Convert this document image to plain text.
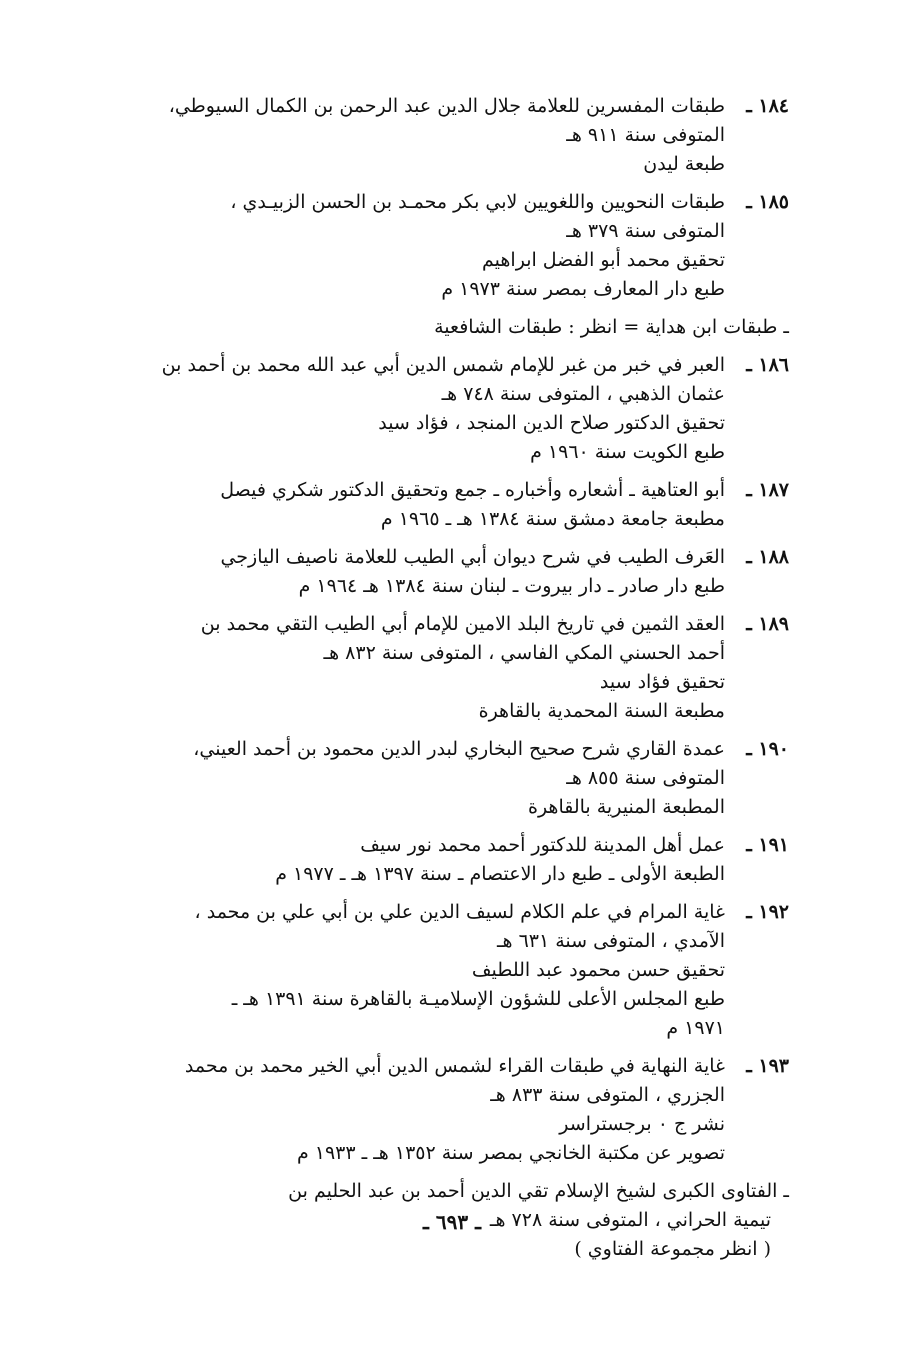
١٨٤ ـ
طبقات المفسرين للعلامة جلال الدين عبد الرحمن بن الكمال السيوطي،
المتوفى سنة ٩١١ هـ
طبعة ليدن
١٨٥ ـ
طبقات النحويين واللغويين لابي بكر محمـد بن الحسن الزبيـدي ،
المتوفى سنة ٣٧٩ هـ
تحقيق محمد أبو الفضل ابراهيم
طبع دار المعارف بمصر سنة ١٩٧٣ م
ـ طبقات ابن هداية = انظر : طبقات الشافعية
١٨٦ ـ
العبر في خبر من غبر للإمام شمس الدين أبي عبد الله محمد بن أحمد بن
عثمان الذهبي ، المتوفى سنة ٧٤٨ هـ
تحقيق الدكتور صلاح الدين المنجد ، فؤاد سيد
طبع الكويت سنة ١٩٦٠ م
١٨٧ ـ
أبو العتاهية ـ أشعاره وأخباره ـ جمع وتحقيق الدكتور شكري فيصل
مطبعة جامعة دمشق سنة ١٣٨٤ هـ ـ ١٩٦٥ م
١٨٨ ـ
العَرف الطيب في شرح ديوان أبي الطيب للعلامة ناصيف اليازجي
طبع دار صادر ـ دار بيروت ـ لبنان سنة ١٣٨٤ هـ ١٩٦٤ م
١٨٩ ـ
العقد الثمين في تاريخ البلد الامين للإمام أبي الطيب التقي محمد بن
أحمد الحسني المكي الفاسي ، المتوفى سنة ٨٣٢ هـ
تحقيق فؤاد سيد
مطبعة السنة المحمدية بالقاهرة
١٩٠ ـ
عمدة القاري شرح صحيح البخاري لبدر الدين محمود بن أحمد العيني،
المتوفى سنة ٨٥٥ هـ
المطبعة المنيرية بالقاهرة
١٩١ ـ
عمل أهل المدينة للدكتور أحمد محمد نور سيف
الطبعة الأولى ـ طبع دار الاعتصام ـ سنة ١٣٩٧ هـ ـ ١٩٧٧ م
١٩٢ ـ
غاية المرام في علم الكلام لسيف الدين علي بن أبي علي بن محمد ،
الآمدي ، المتوفى سنة ٦٣١ هـ
تحقيق حسن محمود عبد اللطيف
طبع المجلس الأعلى للشؤون الإسلاميـة بالقاهرة سنة ١٣٩١ هـ ـ
١٩٧١ م
١٩٣ ـ
غاية النهاية في طبقات القراء لشمس الدين أبي الخير محمد بن محمد
الجزري ، المتوفى سنة ٨٣٣ هـ
نشر ج ٠ برجستراسر
تصوير عن مكتبة الخانجي بمصر سنة ١٣٥٢ هـ ـ ١٩٣٣ م
ـ الفتاوى الكبرى لشيخ الإسلام تقي الدين أحمد بن عبد الحليم بن
تيمية الحراني ، المتوفى سنة ٧٢٨ هـ
( انظر مجموعة الفتاوي )
ـ ٦٩٣ ـ
